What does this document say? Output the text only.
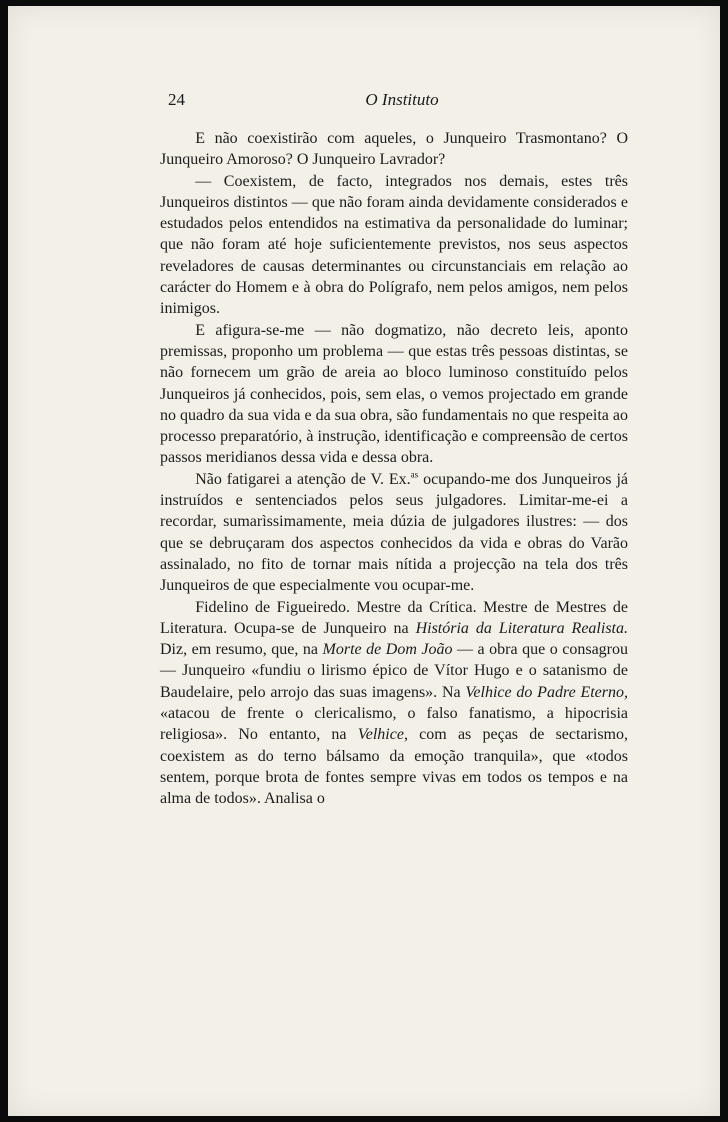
24	O Instituto

E não coexistirão com aqueles, o Junqueiro Trasmontano? O Junqueiro Amoroso? O Junqueiro Lavrador?

— Coexistem, de facto, integrados nos demais, estes três Junqueiros distintos — que não foram ainda devidamente considerados e estudados pelos entendidos na estimativa da personalidade do luminar; que não foram até hoje suficientemente previstos, nos seus aspectos reveladores de causas determinantes ou circunstanciais em relação ao carácter do Homem e à obra do Polígrafo, nem pelos amigos, nem pelos inimigos.

E afigura-se-me — não dogmatizo, não decreto leis, aponto premissas, proponho um problema — que estas três pessoas distintas, se não fornecem um grão de areia ao bloco luminoso constituído pelos Junqueiros já conhecidos, pois, sem elas, o vemos projectado em grande no quadro da sua vida e da sua obra, são fundamentais no que respeita ao processo preparatório, à instrução, identificação e compreensão de certos passos meridianos dessa vida e dessa obra.

Não fatigarei a atenção de V. Ex.$^{as}$ ocupando-me dos Junqueiros já instruídos e sentenciados pelos seus julgadores. Limitar-me-ei a recordar, sumarìssimamente, meia dúzia de julgadores ilustres: — dos que se debruçaram dos aspectos conhecidos da vida e obras do Varão assinalado, no fito de tornar mais nítida a projecção na tela dos três Junqueiros de que especialmente vou ocupar-me.

Fidelino de Figueiredo. Mestre da Crítica. Mestre de Mestres de Literatura. Ocupa-se de Junqueiro na História da Literatura Realista. Diz, em resumo, que, na Morte de Dom João — a obra que o consagrou — Junqueiro «fundiu o lirismo épico de Vítor Hugo e o satanismo de Baudelaire, pelo arrojo das suas imagens». Na Velhice do Padre Eterno, «atacou de frente o clericalismo, o falso fanatismo, a hipocrisia religiosa». No entanto, na Velhice, com as peças de sectarismo, coexistem as do terno bálsamo da emoção tranquila», que «todos sentem, porque brota de fontes sempre vivas em todos os tempos e na alma de todos». Analisa o
